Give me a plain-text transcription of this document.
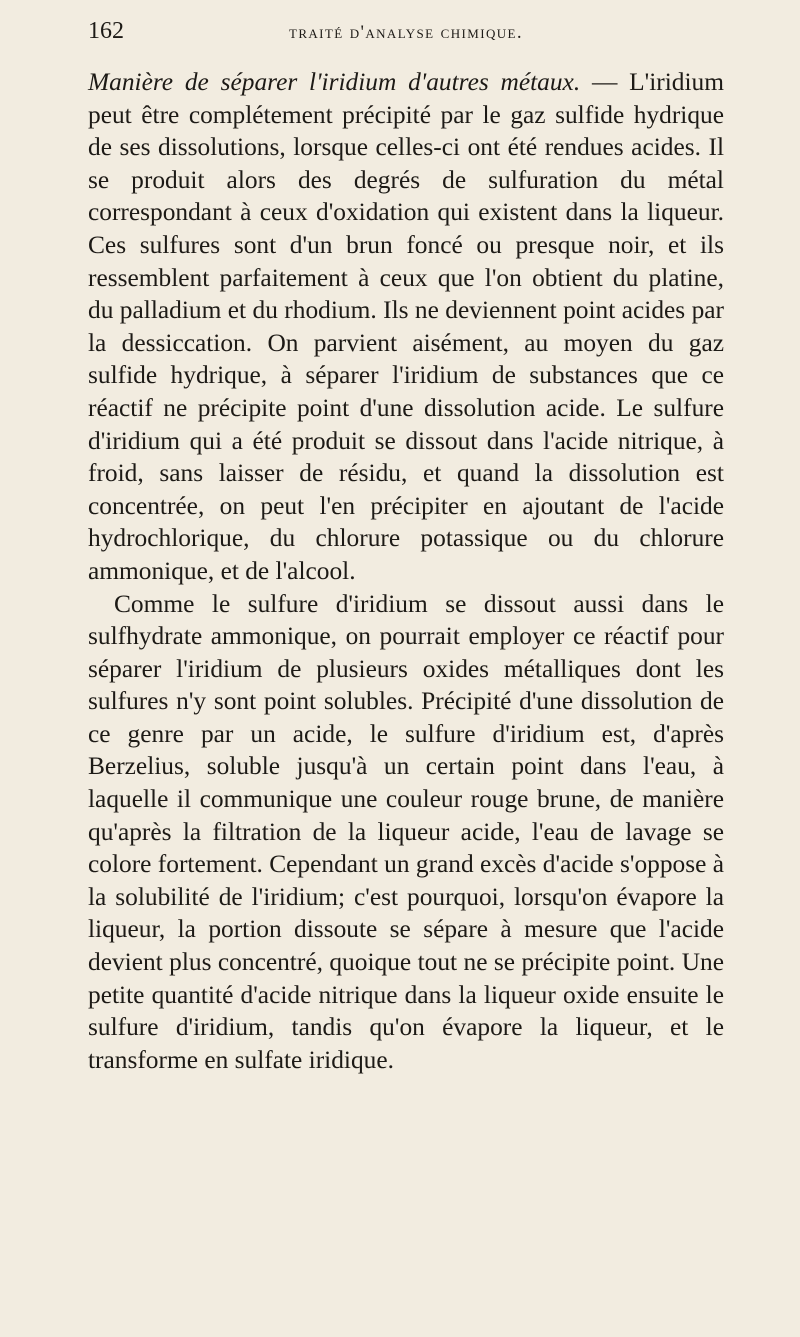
162	traité d'analyse chimique.

Manière de séparer l'iridium d'autres métaux. — L'iridium peut être complétement précipité par le gaz sulfide hydrique de ses dissolutions, lorsque celles-ci ont été rendues acides. Il se produit alors des degrés de sulfuration du métal correspondant à ceux d'oxidation qui existent dans la liqueur. Ces sulfures sont d'un brun foncé ou presque noir, et ils ressemblent parfaitement à ceux que l'on obtient du platine, du palladium et du rhodium. Ils ne deviennent point acides par la dessiccation. On parvient aisément, au moyen du gaz sulfide hydrique, à séparer l'iridium de substances que ce réactif ne précipite point d'une dissolution acide. Le sulfure d'iridium qui a été produit se dissout dans l'acide nitrique, à froid, sans laisser de résidu, et quand la dissolution est concentrée, on peut l'en précipiter en ajoutant de l'acide hydrochlorique, du chlorure potassique ou du chlorure ammonique, et de l'alcool.

Comme le sulfure d'iridium se dissout aussi dans le sulfhydrate ammonique, on pourrait employer ce réactif pour séparer l'iridium de plusieurs oxides métalliques dont les sulfures n'y sont point solubles. Précipité d'une dissolution de ce genre par un acide, le sulfure d'iridium est, d'après Berzelius, soluble jusqu'à un certain point dans l'eau, à laquelle il communique une couleur rouge brune, de manière qu'après la filtration de la liqueur acide, l'eau de lavage se colore fortement. Cependant un grand excès d'acide s'oppose à la solubilité de l'iridium; c'est pourquoi, lorsqu'on évapore la liqueur, la portion dissoute se sépare à mesure que l'acide devient plus concentré, quoique tout ne se précipite point. Une petite quantité d'acide nitrique dans la liqueur oxide ensuite le sulfure d'iridium, tandis qu'on évapore la liqueur, et le transforme en sulfate iridique.
